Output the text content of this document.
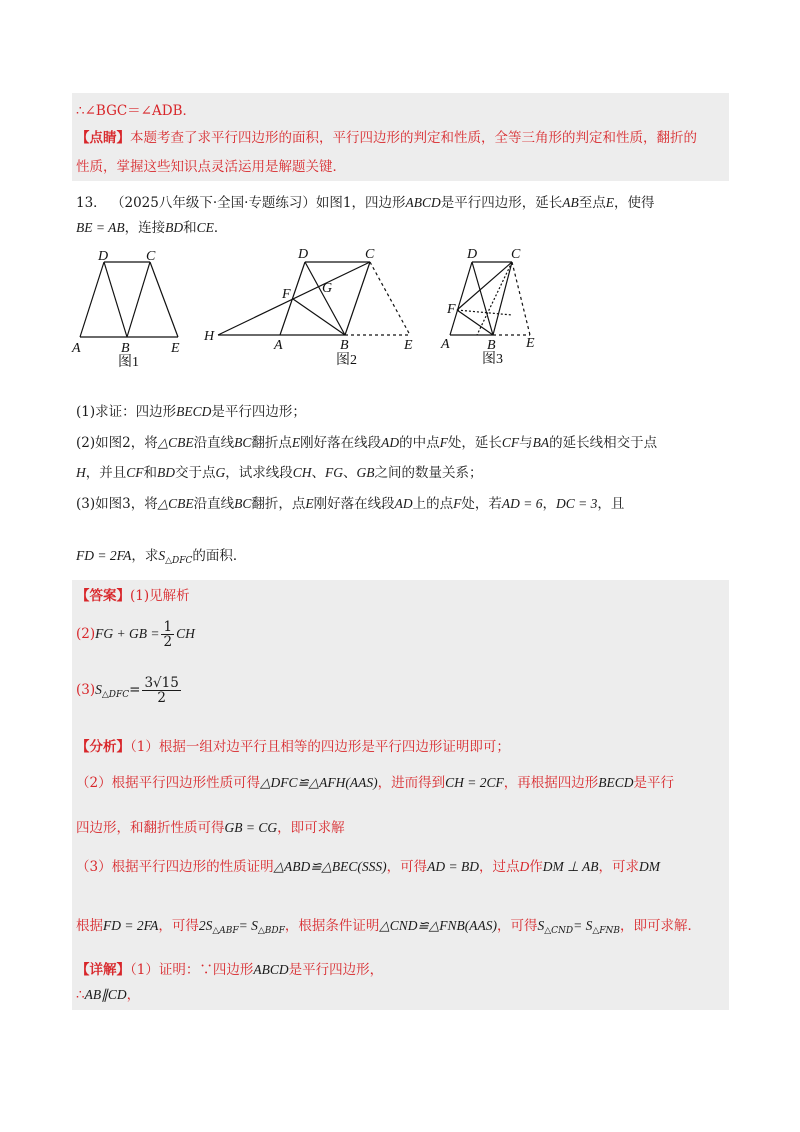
∴∠BGC＝∠ADB．
【点睛】本题考查了求平行四边形的面积，平行四边形的判定和性质，全等三角形的判定和性质，翻折的
性质，掌握这些知识点灵活运用是解题关键．
13． （2025八年级下·全国·专题练习）如图1，四边形ABCD是平行四边形，延长AB至点E，使得
BE = AB，连接BD和CE．
D	C
A	B	E
图1
D	C
F G
H
A	B	E
图2
D C
F
A	B E
图3
(1)求证：四边形BECD是平行四边形；
(2)如图2，将△CBE沿直线BC翻折点E刚好落在线段AD的中点F处，延长CF与BA的延长线相交于点
H，并且CF和BD交于点G，试求线段CH、FG、GB之间的数量关系；
(3)如图3，将△CBE沿直线BC翻折，点E刚好落在线段AD上的点F处，若AD = 6，DC = 3，且
FD = 2FA，求$S_{\triangle DFC}$的面积．
【答案】(1)见解析
(2)FG + GB = $\frac{1}{2}$ CH
$(3)S_{\triangle DFC}= \frac{3√15}{2}$
【分析】（1）根据一组对边平行且相等的四边形是平行四边形证明即可；
（2）根据平行四边形性质可得△DFC≌△AFH(AAS)，进而得到CH = 2CF，再根据四边形BECD是平行
四边形，和翻折性质可得GB = CG，即可求解
（3）根据平行四边形的性质证明△ABD≌△BEC(SSS)，可得AD = BD，过点D作DM ⊥ AB，可求DM
根据FD = 2FA，可得$2S_{\triangle ABF}= S_{\triangle BDF}$，根据条件证明△CND≌△FNB(AAS)，可得$S_{\triangle CND}= S_{\triangle FNB}$，即可求解．
【详解】（1）证明：∵四边形ABCD是平行四边形，
∴AB∥CD，
